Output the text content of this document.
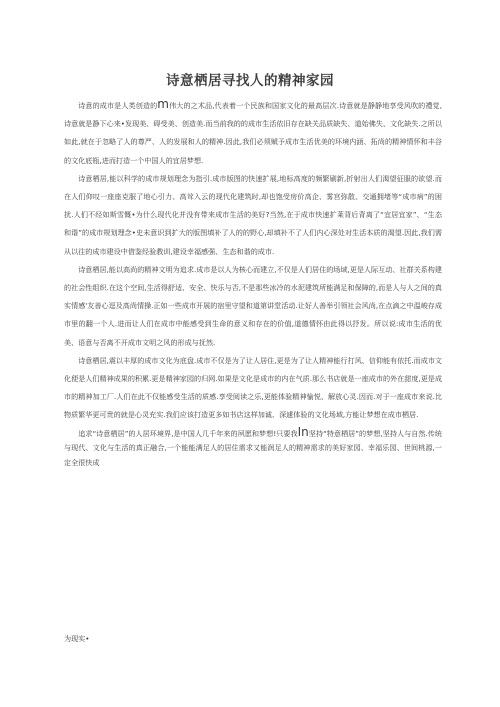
诗意栖居寻找人的精神家园

诗意的成市是人类创造的m伟大的之术品,代表着一个民族和国家文化的最高层次.诗意就是静静地享受风吹的禮觉,诗意就是静下心来•发现美、碍受美、创造美.而当前我的的成市生活依旧存在缺关品质缺失、道始佛失、文化缺失.之所以如此,就在于忽略了人的尊严、人的发展和人的精神.因此,我们必须赋予成市生活优美的环境内涵、拓尚的精神情怀和丰谷的文化底瓶,进而打造一个中国人的宜居梦想.

诗意栖居,能以科学的成市规划理念为指引.成市版图的快速扩展,地标高度的频繁刷新,折射出人们渴望征服的欲望.而在人们仰叹一座座克服了地心引力、高耸入云的现代化建筑时,却也饱受房价高企、雾宫弥散、交通拥堵等“成市病”的困扰.人们不经如斯雪慨•为什么现代化并没有带来成市生活的美好?当然,在于成市快速扩莱背后背离了“宜居宜家”、“生态和谐”的成市规划理念•史未意识到扩大的版图填补了人的的野心,却填补不了人们内心深处对生活本质的渴望.因此,我们需从以往的成市建设中借鉴经验教训,建设幸福感强、生态和谐的成市.

诗意栖居,能以高尚的精神文明为追求.成市是以人为核心而建立,不仅是人们居住的场域,更是人际互动、社群关系构建的社会性组织.在这个空间,生活得舒适、安全、快乐与否,不是那些冰冷的水泥建筑所能满足和保障的,而是人与人之间的真实情感'友善心逕及高尚情操.正如一些成市开展的宿里守望和道第讲堂活动.让好人善举引领社会风尚,在点滴之中温峻存成市里的翻一个人.进而让人们在成市中能感受到生命的意义和存在的价值,道德情怀由此得以抒发。所以说:成市生活的优美、语意与否离不开成市文明之风的形成与抚然.

诗意栖居,震以丰厚的成市文化为底盘.成市不仅是为了让人居住,更是为了让人精神能行打风、信仰能有依托.而成市文化便是人们精神成果的积累.更是精神家园的归网.如果是文化是成市的内在气质.那么书店就是一座成市的外在甜度,更是成市的精神加工厂.人们在此不仅能感受生活的质感.享受阅读之乐,更能体验精神愉悦、解放心灵.因而.对于一座成市来说.比物质繁华更可贵的就是心灵充实.我们应该打造更多如书店这样加诚、深遽体验的文化场域,方能让梦想在成市栖居.

追求“诗意栖居”的人居环境界,是中国人几千年来的夙愿和梦想!只要我In坚持“特意栖居”的梦想,坚持人与自然.传统与现代、文化与生活的真正融合,一个能能满足人的居住需求又能润足人的精神需求的美好家园、幸福乐园、世间桃源,一定全很快成

为现实•
